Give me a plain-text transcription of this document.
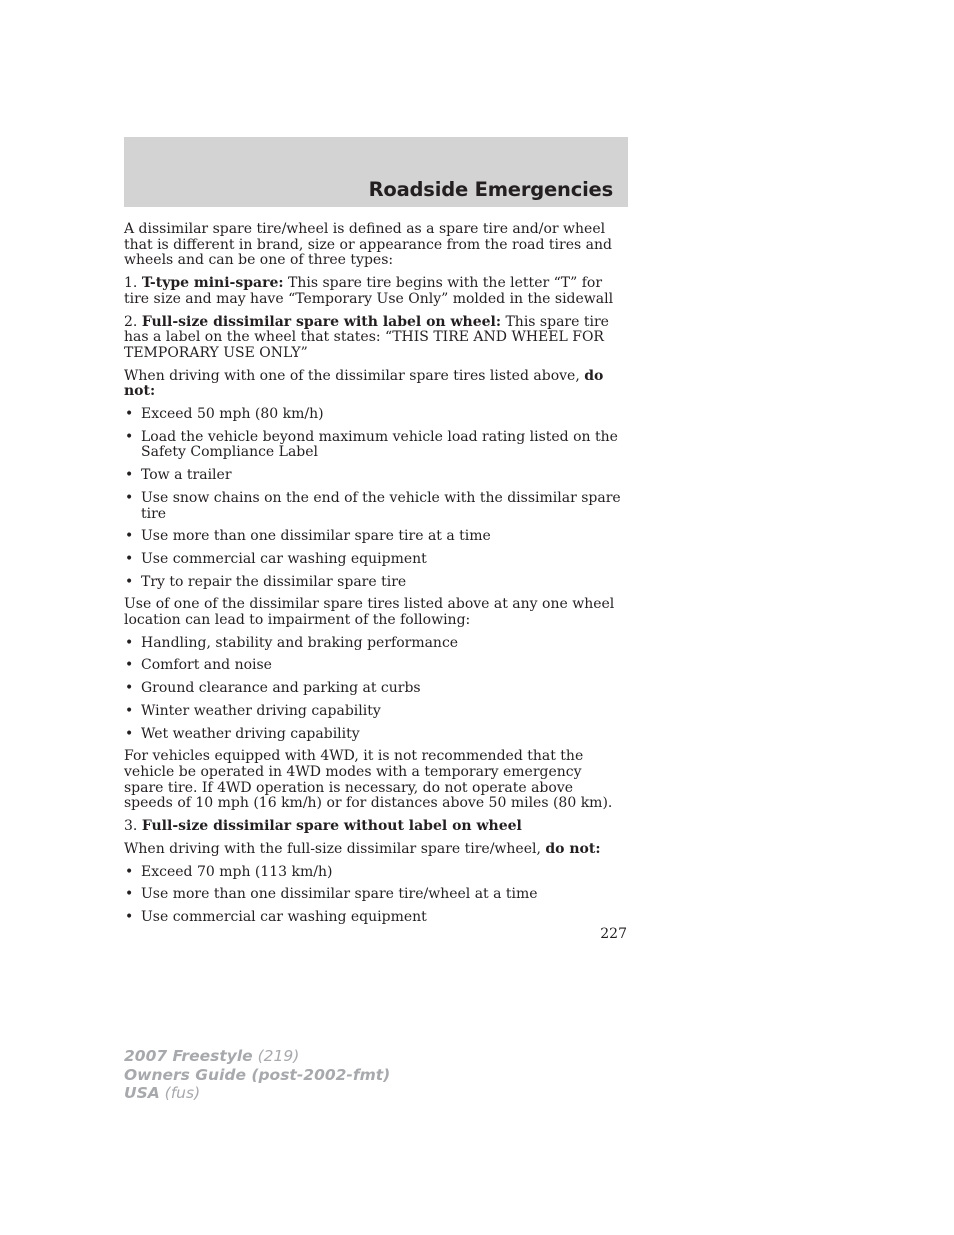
Roadside Emergencies

A dissimilar spare tire/wheel is defined as a spare tire and/or wheel that is different in brand, size or appearance from the road tires and wheels and can be one of three types:

1. T-type mini-spare: This spare tire begins with the letter “T” for tire size and may have “Temporary Use Only” molded in the sidewall

2. Full-size dissimilar spare with label on wheel: This spare tire has a label on the wheel that states: “THIS TIRE AND WHEEL FOR TEMPORARY USE ONLY”

When driving with one of the dissimilar spare tires listed above, do not:

• Exceed 50 mph (80 km/h)
• Load the vehicle beyond maximum vehicle load rating listed on the Safety Compliance Label
• Tow a trailer
• Use snow chains on the end of the vehicle with the dissimilar spare tire
• Use more than one dissimilar spare tire at a time
• Use commercial car washing equipment
• Try to repair the dissimilar spare tire

Use of one of the dissimilar spare tires listed above at any one wheel location can lead to impairment of the following:

• Handling, stability and braking performance
• Comfort and noise
• Ground clearance and parking at curbs
• Winter weather driving capability
• Wet weather driving capability

For vehicles equipped with 4WD, it is not recommended that the vehicle be operated in 4WD modes with a temporary emergency spare tire. If 4WD operation is necessary, do not operate above speeds of 10 mph (16 km/h) or for distances above 50 miles (80 km).

3. Full-size dissimilar spare without label on wheel

When driving with the full-size dissimilar spare tire/wheel, do not:

• Exceed 70 mph (113 km/h)
• Use more than one dissimilar spare tire/wheel at a time
• Use commercial car washing equipment
227
2007 Freestyle (219)
Owners Guide (post-2002-fmt)
USA (fus)
